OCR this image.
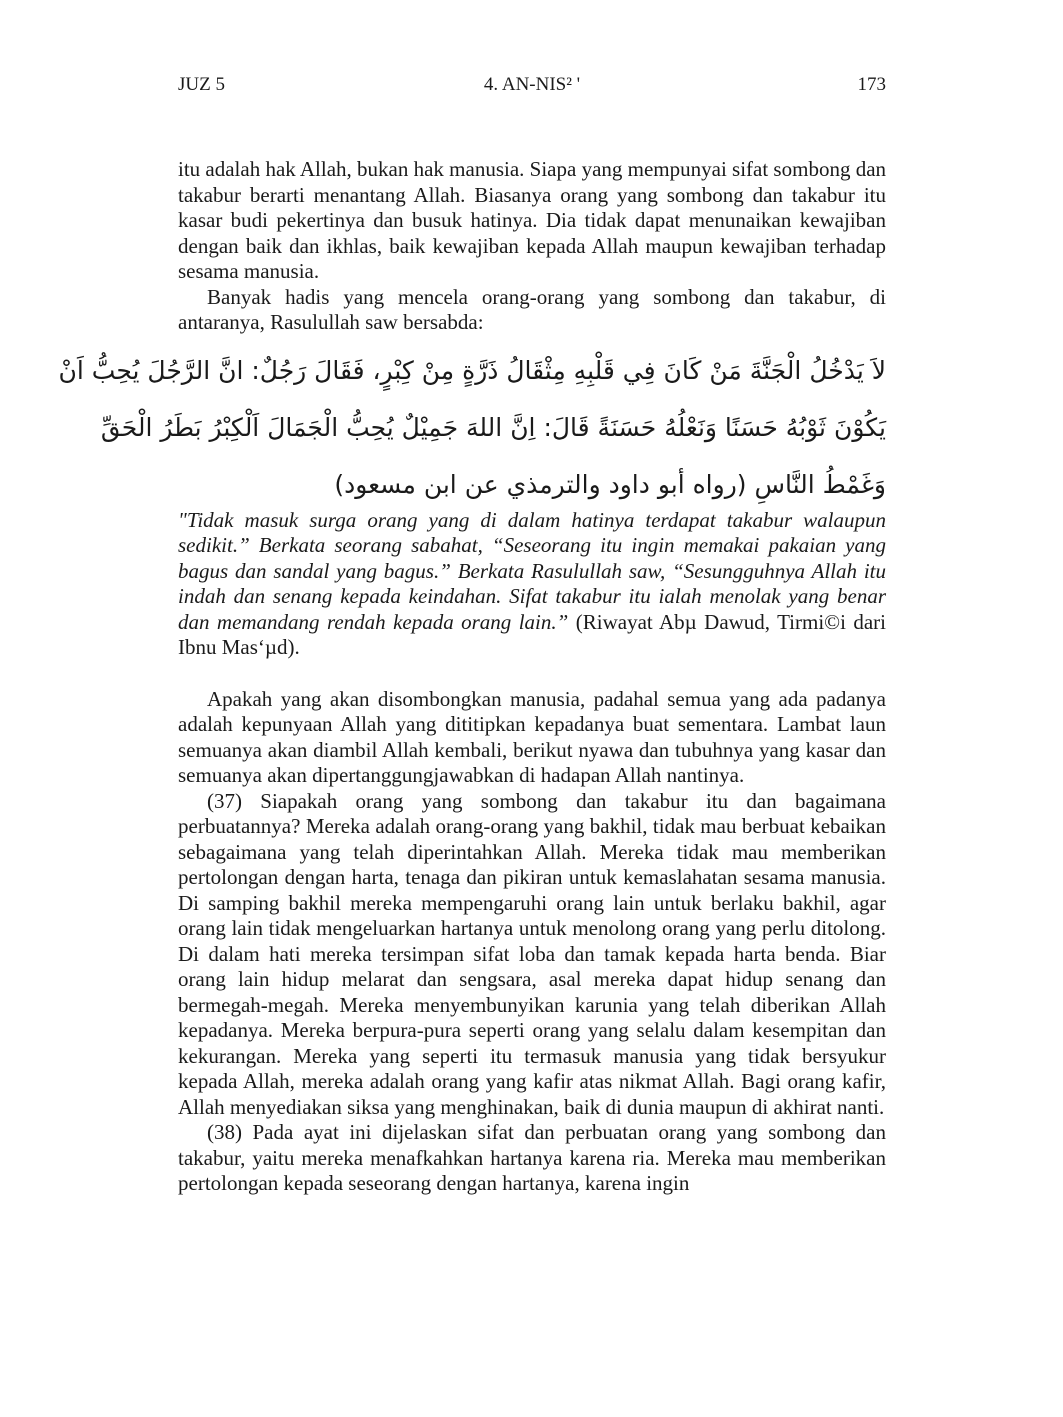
JUZ 5	4. AN-NIS² '	173

itu adalah hak Allah, bukan hak manusia. Siapa yang mempunyai sifat sombong dan takabur berarti menantang Allah. Biasanya orang yang sombong dan takabur itu kasar budi pekertinya dan busuk hatinya. Dia tidak dapat menunaikan kewajiban dengan baik dan ikhlas, baik kewajiban kepada Allah maupun kewajiban terhadap sesama manusia.

Banyak hadis yang mencela orang-orang yang sombong dan takabur, di antaranya, Rasulullah saw bersabda:

لاَ يَدْخُلُ الْجَنَّةَ مَنْ كَانَ فِي قَلْبِهِ مِثْقَالُ ذَرَّةٍ مِنْ كِبْرٍ، فَقَالَ رَجُلٌ: انَّ الرَّجُلَ يُحِبُّ اَنْ
يَكُوْنَ ثَوْبُهُ حَسَنًا وَنَعْلُهُ حَسَنَةً قَالَ: اِنَّ اللهَ جَمِيْلٌ يُحِبُّ الْجَمَالَ اَلْكِبْرُ بَطَرُ الْحَقِّ
وَغَمْطُ النَّاسِ (رواه أبو داود والترمذي عن ابن مسعود)

"Tidak masuk surga orang yang di dalam hatinya terdapat takabur walaupun sedikit.” Berkata seorang sabahat, “Seseorang itu ingin memakai pakaian yang bagus dan sandal yang bagus.” Berkata Rasulullah saw, “Sesungguhnya Allah itu indah dan senang kepada keindahan. Sifat takabur itu ialah menolak yang benar dan memandang rendah kepada orang lain.” (Riwayat Abµ Dawud, Tirmi©i dari Ibnu Mas‘µd).

Apakah yang akan disombongkan manusia, padahal semua yang ada padanya adalah kepunyaan Allah yang dititipkan kepadanya buat sementara. Lambat laun semuanya akan diambil Allah kembali, berikut nyawa dan tubuhnya yang kasar dan semuanya akan dipertanggungjawabkan di hadapan Allah nantinya.

(37) Siapakah orang yang sombong dan takabur itu dan bagaimana perbuatannya? Mereka adalah orang-orang yang bakhil, tidak mau berbuat kebaikan sebagaimana yang telah diperintahkan Allah. Mereka tidak mau memberikan pertolongan dengan harta, tenaga dan pikiran untuk kemaslahatan sesama manusia. Di samping bakhil mereka mempengaruhi orang lain untuk berlaku bakhil, agar orang lain tidak mengeluarkan hartanya untuk menolong orang yang perlu ditolong. Di dalam hati mereka tersimpan sifat loba dan tamak kepada harta benda. Biar orang lain hidup melarat dan sengsara, asal mereka dapat hidup senang dan bermegah-megah. Mereka menyembunyikan karunia yang telah diberikan Allah kepadanya. Mereka berpura-pura seperti orang yang selalu dalam kesempitan dan kekurangan. Mereka yang seperti itu termasuk manusia yang tidak bersyukur kepada Allah, mereka adalah orang yang kafir atas nikmat Allah. Bagi orang kafir, Allah menyediakan siksa yang menghinakan, baik di dunia maupun di akhirat nanti.

(38) Pada ayat ini dijelaskan sifat dan perbuatan orang yang sombong dan takabur, yaitu mereka menafkahkan hartanya karena ria. Mereka mau memberikan pertolongan kepada seseorang dengan hartanya, karena ingin
